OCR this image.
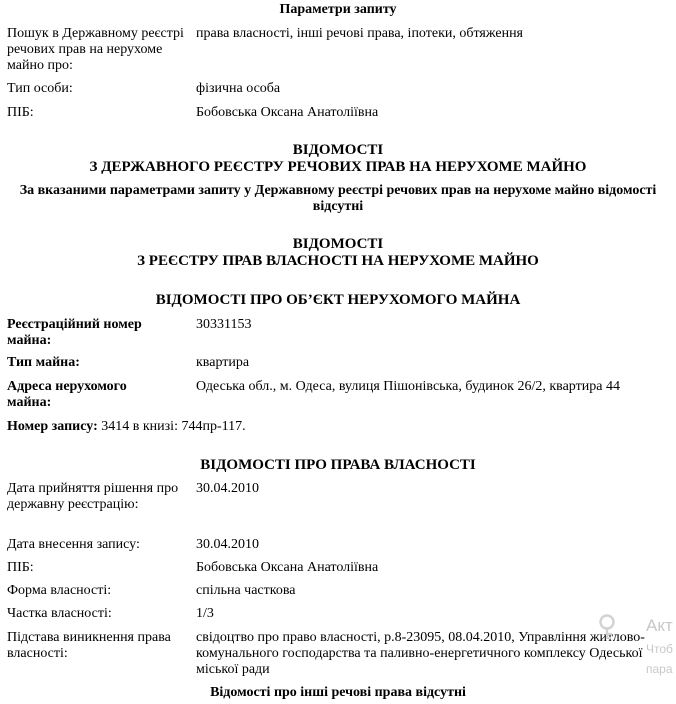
Параметри запиту
Пошук в Державному реєстрі речових прав на нерухоме майно про:
права власності, інші речові права, іпотеки, обтяження
Тип особи:	фізична особа
ПІБ:	Бобовська Оксана Анатоліївна
ВІДОМОСТІ
З ДЕРЖАВНОГО РЕЄСТРУ РЕЧОВИХ ПРАВ НА НЕРУХОМЕ МАЙНО
За вказаними параметрами запиту у Державному реєстрі речових прав на нерухоме майно відомості відсутні
ВІДОМОСТІ
З РЕЄСТРУ ПРАВ ВЛАСНОСТІ НА НЕРУХОМЕ МАЙНО
ВІДОМОСТІ ПРО ОБ’ЄКТ НЕРУХОМОГО МАЙНА
Реєстраційний номер майна:
30331153
Тип майна:	квартира
Адреса нерухомого майна:
Одеська обл., м. Одеса, вулиця Пішонівська, будинок 26/2, квартира 44
Номер запису: 3414 в книзі: 744пр-117.
ВІДОМОСТІ ПРО ПРАВА ВЛАСНОСТІ
Дата прийняття рішення про державну реєстрацію:
30.04.2010
Дата внесення запису:	30.04.2010
ПІБ:	Бобовська Оксана Анатоліївна
Форма власності:	спільна часткова
Частка власності:	1/3
Підстава виникнення права власності:
свідоцтво про право власності, р.8-23095, 08.04.2010, Управління житлово-комунального господарства та паливно-енергетичного комплексу Одеської міської ради
Відомості про інші речові права відсутні
Акт
Чтоб
пара
